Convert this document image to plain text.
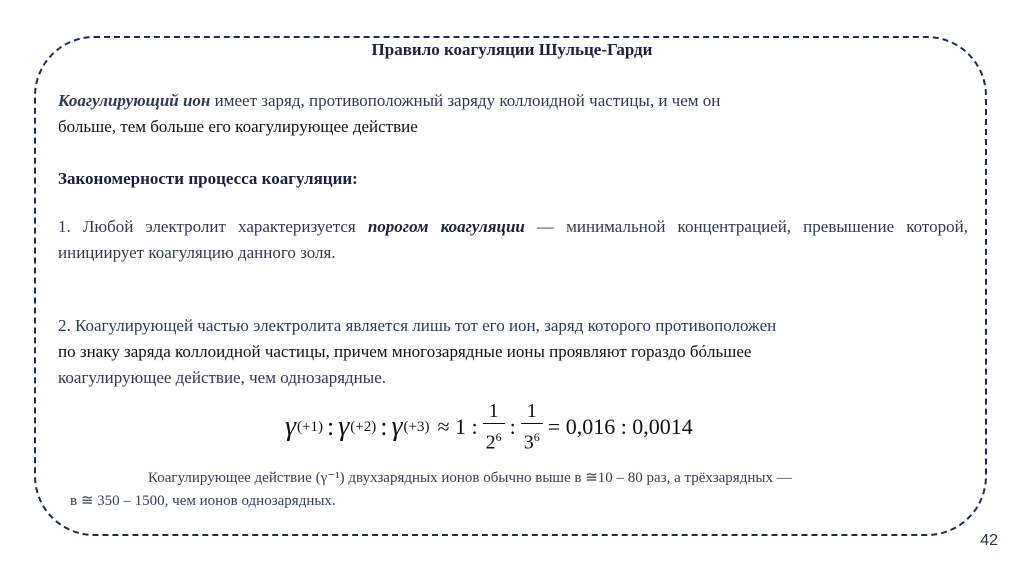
Правило коагуляции Шульце-Гарди
Коагулирующий ион имеет заряд, противоположный заряду коллоидной частицы, и чем он
больше, тем больше его коагулирующее действие
Закономерности процесса коагуляции:
1. Любой электролит характеризуется порогом коагуляции — минимальной концентрацией, превышение которой, инициирует коагуляцию данного золя.
2. Коагулирующей частью электролита является лишь тот его ион, заряд которого противоположен
по знаку заряда коллоидной частицы, причем многозарядные ионы проявляют гораздо бóльшее
коагулирующее действие, чем однозарядные.
γ (+1) : γ (+2) : γ (+3) ≈ 1 : $\frac{1}{2^6}$ : $\frac{1}{3^6} = 0,016$ : 0,0014
Коагулирующее действие (γ⁻¹) двухзарядных ионов обычно выше в ≅10 – 80 раз, а трёхзарядных —
в ≅ 350 – 1500, чем ионов однозарядных.
42
